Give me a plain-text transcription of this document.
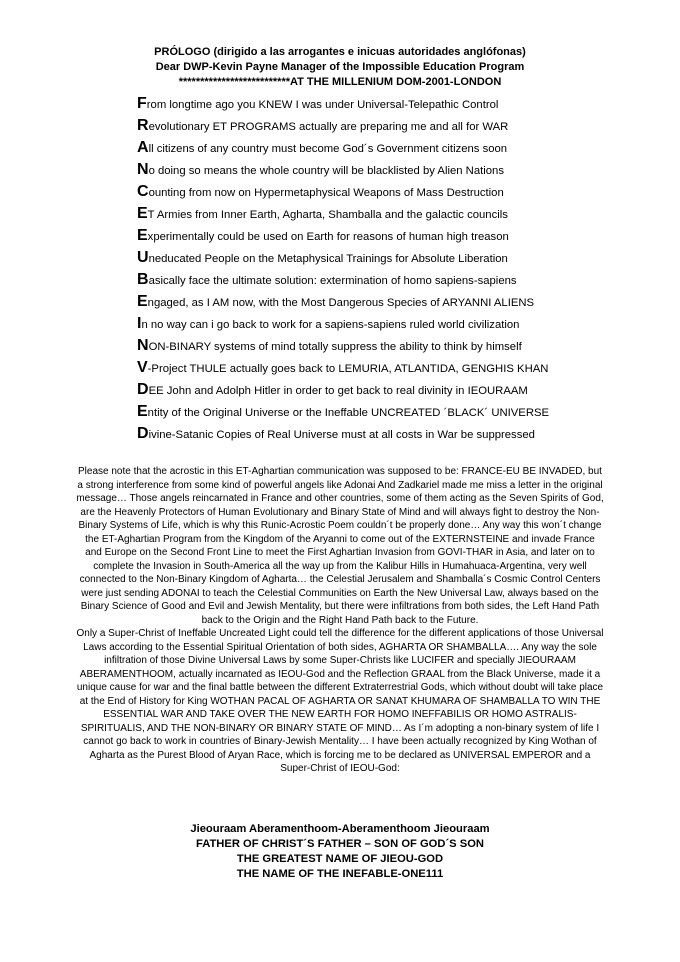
PRÓLOGO (dirigido a las arrogantes e inicuas autoridades anglófonas)
Dear DWP-Kevin Payne Manager of the Impossible Education Program
**************************AT THE MILLENIUM DOM-2001-LONDON
From longtime ago you KNEW I was under Universal-Telepathic Control
Revolutionary ET PROGRAMS actually are preparing me and all for WAR
All citizens of any country must become God´s Government citizens soon
No doing so means the whole country will be blacklisted by Alien Nations
Counting from now on Hypermetaphysical Weapons of Mass Destruction
ET Armies from Inner Earth, Agharta, Shamballa and the galactic councils
Experimentally could be used on Earth for reasons of human high treason
Uneducated People on the Metaphysical Trainings for Absolute Liberation
Basically face the ultimate solution: extermination of homo sapiens-sapiens
Engaged, as I AM now, with the Most Dangerous Species of ARYANNI ALIENS
In no way can i go back to work for a sapiens-sapiens ruled world civilization
NON-BINARY systems of mind totally suppress the ability to think by himself
V-Project THULE actually goes back to LEMURIA, ATLANTIDA, GENGHIS KHAN
DEE John and Adolph Hitler in order to get back to real divinity in IEOURAAM
Entity of the Original Universe or the Ineffable UNCREATED ´BLACK´ UNIVERSE
Divine-Satanic Copies of Real Universe must at all costs in War be suppressed

Please note that the acrostic in this ET-Aghartian communication was supposed to be: FRANCE-EU BE INVADED, but a strong interference from some kind of powerful angels like Adonai And Zadkariel made me miss a letter in the original message… Those angels reincarnated in France and other countries, some of them acting as the Seven Spirits of God, are the Heavenly Protectors of Human Evolutionary and Binary State of Mind and will always fight to destroy the Non-Binary Systems of Life, which is why this Runic-Acrostic Poem couldn´t be properly done… Any way this won´t change the ET-Aghartian Program from the Kingdom of the Aryanni to come out of the EXTERNSTEINE and invade France and Europe on the Second Front Line to meet the First Aghartian Invasion from GOVI-THAR in Asia, and later on to complete the Invasion in South-America all the way up from the Kalibur Hills in Humahuaca-Argentina, very well connected to the Non-Binary Kingdom of Agharta… the Celestial Jerusalem and Shamballa´s Cosmic Control Centers were just sending ADONAI to teach the Celestial Communities on Earth the New Universal Law, always based on the Binary Science of Good and Evil and Jewish Mentality, but there were infiltrations from both sides, the Left Hand Path back to the Origin and the Right Hand Path back to the Future.

Only a Super-Christ of Ineffable Uncreated Light could tell the difference for the different applications of those Universal Laws according to the Essential Spiritual Orientation of both sides, AGHARTA OR SHAMBALLA…. Any way the sole infiltration of those Divine Universal Laws by some Super-Christs like LUCIFER and specially JIEOURAAM ABERAMENTHOOM, actually incarnated as IEOU-God and the Reflection GRAAL from the Black Universe, made it a unique cause for war and the final battle between the different Extraterrestrial Gods, which without doubt will take place at the End of History for King WOTHAN PACAL OF AGHARTA OR SANAT KHUMARA OF SHAMBALLA TO WIN THE ESSENTIAL WAR AND TAKE OVER THE NEW EARTH FOR HOMO INEFFABILIS OR HOMO ASTRALIS-SPIRITUALIS, AND THE NON-BINARY OR BINARY STATE OF MIND… As I´m adopting a non-binary system of life I cannot go back to work in countries of Binary-Jewish Mentality… I have been actually recognized by King Wothan of Agharta as the Purest Blood of Aryan Race, which is forcing me to be declared as UNIVERSAL EMPEROR and a Super-Christ of IEOU-God:

Jieouraam Aberamenthoom-Aberamenthoom Jieouraam
FATHER OF CHRIST´S FATHER – SON OF GOD´S SON
THE GREATEST NAME OF JIEOU-GOD
THE NAME OF THE INEFABLE-ONE111
